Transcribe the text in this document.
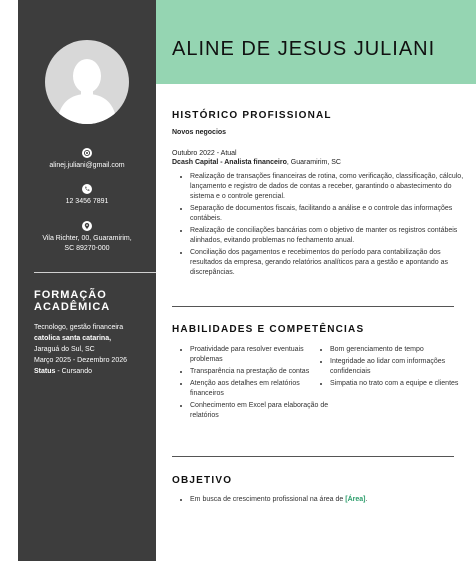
alinej.juliani@gmail.com
12 3456 7891
Vila Richter, 00, Guaramirim,
SC 89270-000
FORMAÇÃO
ACADÊMICA
Tecnologo, gestão financeira
catolica santa catarina,
Jaraguá do Sul, SC
Março 2025 - Dezembro 2026
Status - Cursando
ALINE DE JESUS JULIANI
HISTÓRICO PROFISSIONAL
Novos negocios
Outubro 2022 - Atual
Dcash Capital - Analista financeiro, Guaramirim, SC
• Realização de transações financeiras de rotina, como verificação, classificação, cálculo, lançamento e registro de dados de contas a receber, garantindo o abastecimento do sistema e o controle gerencial.
• Separação de documentos fiscais, facilitando a análise e o controle das informações contábeis.
• Realização de conciliações bancárias com o objetivo de manter os registros contábeis alinhados, evitando problemas no fechamento anual.
• Conciliação dos pagamentos e recebimentos do período para contabilização dos resultados da empresa, gerando relatórios analíticos para a gestão e apontando as discrepâncias.
HABILIDADES E COMPETÊNCIAS
• Proatividade para resolver eventuais problemas
• Transparência na prestação de contas
• Atenção aos detalhes em relatórios financeiros
• Conhecimento em Excel para elaboração de relatórios
• Bom gerenciamento de tempo
• Integridade ao lidar com informações confidenciais
• Simpatia no trato com a equipe e clientes
OBJETIVO
• Em busca de crescimento profissional na área de [Área].
